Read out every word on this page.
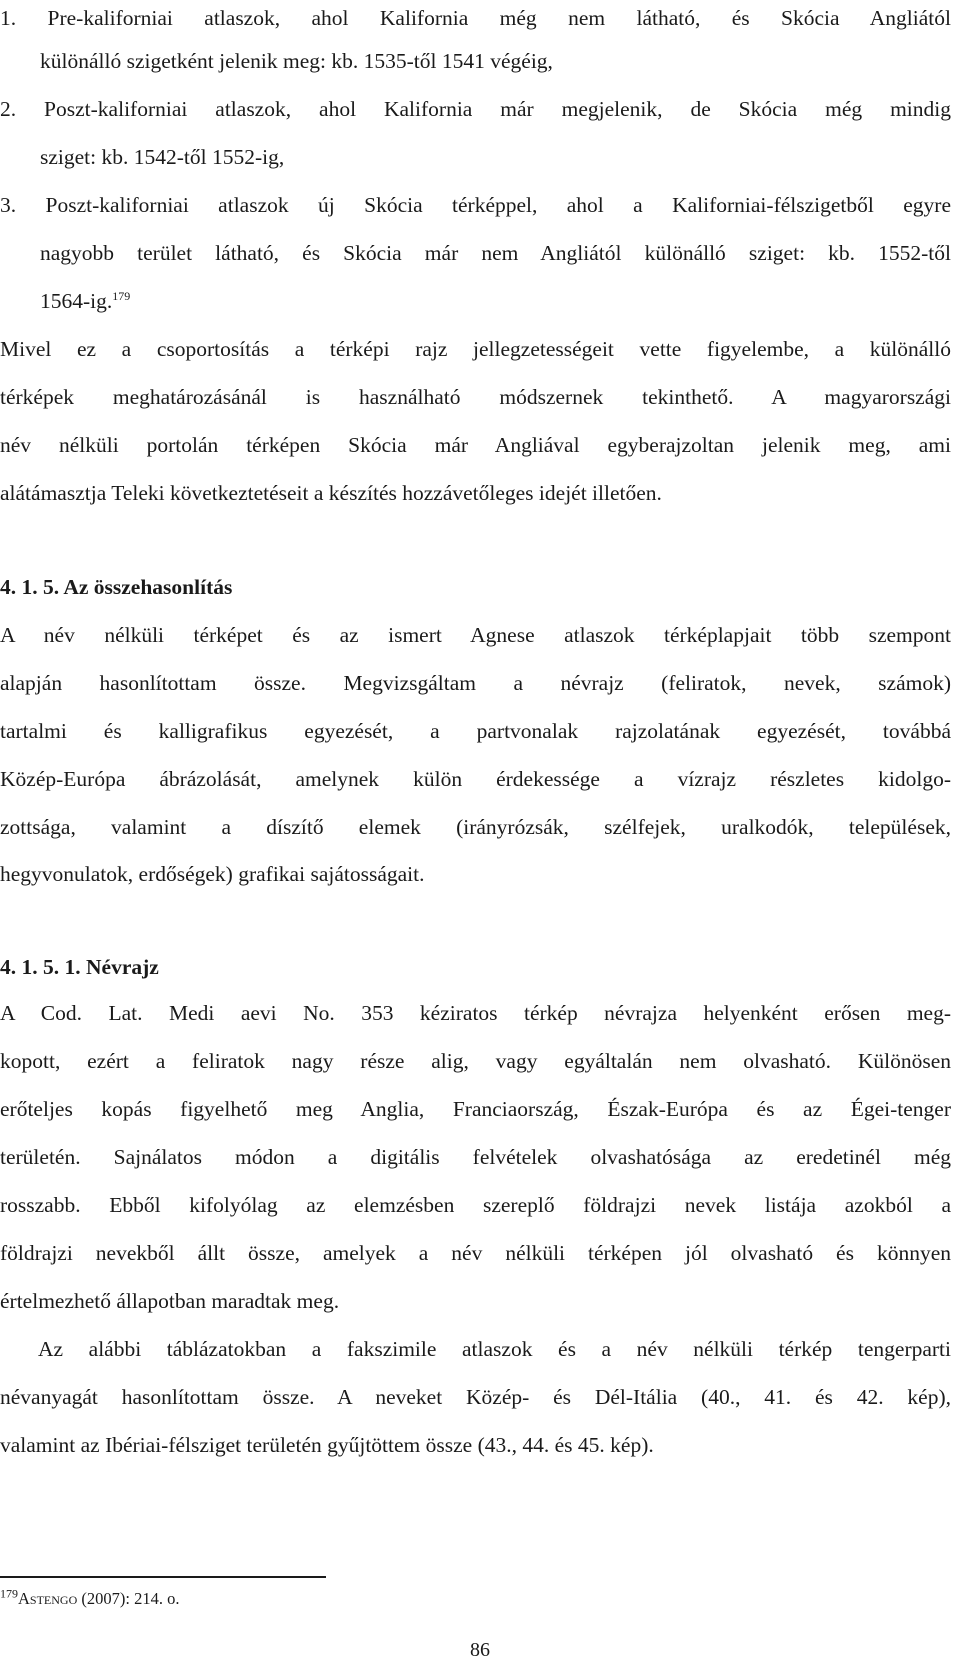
1. Pre-kaliforniai atlaszok, ahol Kalifornia még nem látható, és Skócia Angliától
különálló szigetként jelenik meg: kb. 1535-től 1541 végéig,
2. Poszt-kaliforniai atlaszok, ahol Kalifornia már megjelenik, de Skócia még mindig
sziget: kb. 1542-től 1552-ig,
3. Poszt-kaliforniai atlaszok új Skócia térképpel, ahol a Kaliforniai-félszigetből egyre
nagyobb terület látható, és Skócia már nem Angliától különálló sziget: kb. 1552-től
1564-ig.$^{179}$
Mivel ez a csoportosítás a térképi rajz jellegzetességeit vette figyelembe, a különálló
térképek meghatározásánál is használható módszernek tekinthető. A magyarországi
név nélküli portolán térképen Skócia már Angliával egyberajzoltan jelenik meg, ami
alátámasztja Teleki következtetéseit a készítés hozzávetőleges idejét illetően.
4. 1. 5. Az összehasonlítás
A név nélküli térképet és az ismert Agnese atlaszok térképlapjait több szempont
alapján hasonlítottam össze. Megvizsgáltam a névrajz (feliratok, nevek, számok)
tartalmi és kalligrafikus egyezését, a partvonalak rajzolatának egyezését, továbbá
Közép-Európa ábrázolását, amelynek külön érdekessége a vízrajz részletes kidolgo-
zottsága, valamint a díszítő elemek (irányrózsák, szélfejek, uralkodók, települések,
hegyvonulatok, erdőségek) grafikai sajátosságait.
4. 1. 5. 1. Névrajz
A Cod. Lat. Medi aevi No. 353 kéziratos térkép névrajza helyenként erősen meg-
kopott, ezért a feliratok nagy része alig, vagy egyáltalán nem olvasható. Különösen
erőteljes kopás figyelhető meg Anglia, Franciaország, Észak-Európa és az Égei-tenger
területén. Sajnálatos módon a digitális felvételek olvashatósága az eredetinél még
rosszabb. Ebből kifolyólag az elemzésben szereplő földrajzi nevek listája azokból a
földrajzi nevekből állt össze, amelyek a név nélküli térképen jól olvasható és könnyen
értelmezhető állapotban maradtak meg.
Az alábbi táblázatokban a fakszimile atlaszok és a név nélküli térkép tengerparti
névanyagát hasonlítottam össze. A neveket Közép- és Dél-Itália (40., 41. és 42. kép),
valamint az Ibériai-félsziget területén gyűjtöttem össze (43., 44. és 45. kép).
$^{179}$Astengo (2007): 214. o.
86
